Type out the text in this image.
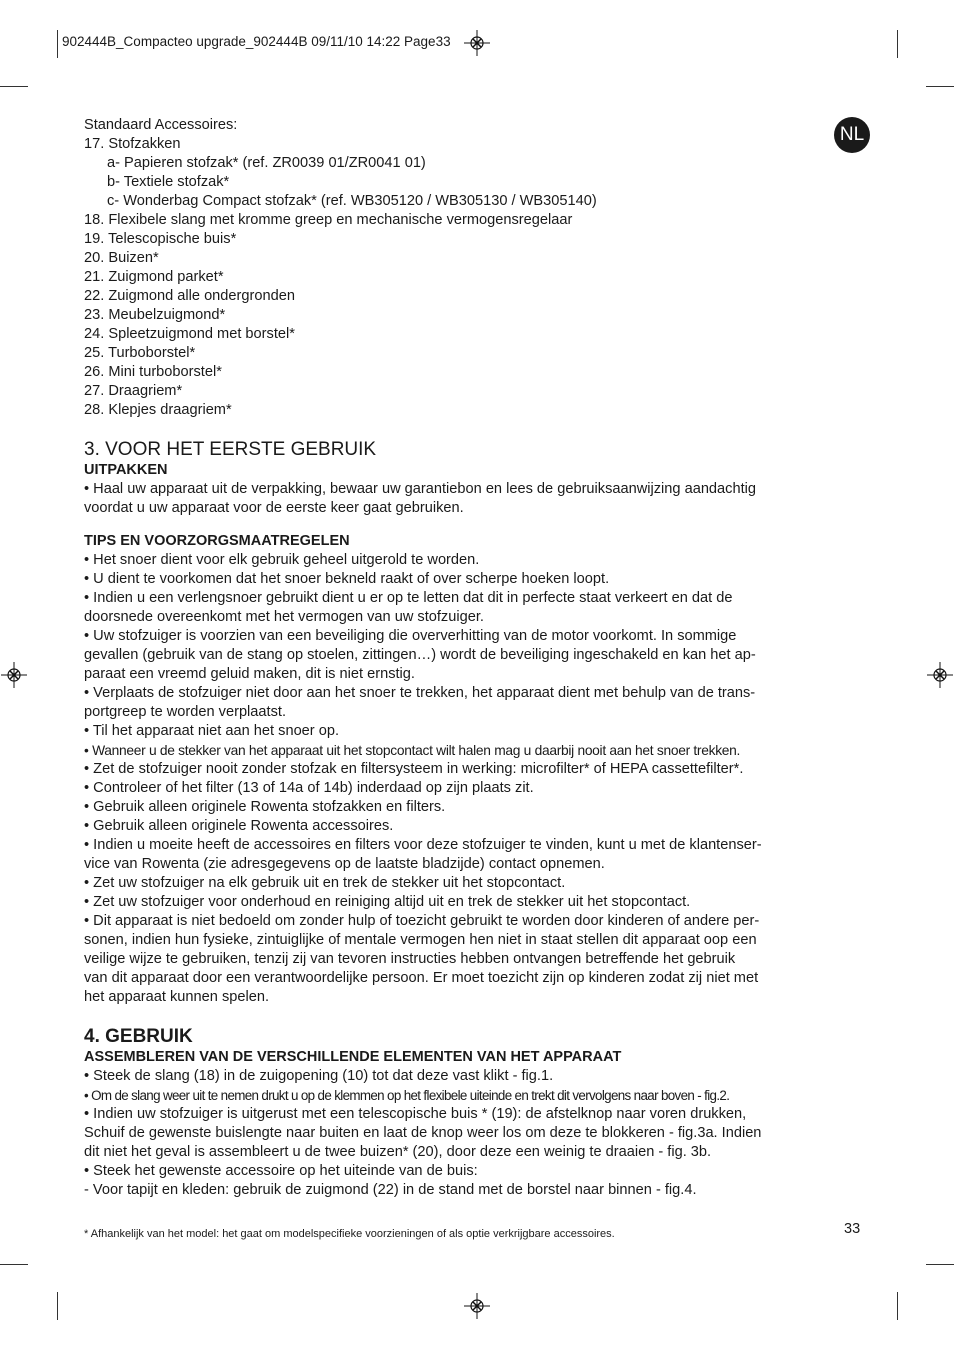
902444B_Compacteo upgrade_902444B 09/11/10 14:22 Page33
NL

Standaard Accessoires:

17. Stofzakken

a- Papieren stofzak* (ref. ZR0039 01/ZR0041 01)

b- Textiele stofzak*

c- Wonderbag Compact stofzak* (ref. WB305120 / WB305130 / WB305140)

18. Flexibele slang met kromme greep en mechanische vermogensregelaar

19. Telescopische buis*

20. Buizen*

21. Zuigmond parket*

22. Zuigmond alle ondergronden

23. Meubelzuigmond*

24. Spleetzuigmond met borstel*

25. Turboborstel*

26. Mini turboborstel*

27. Draagriem*

28. Klepjes draagriem*

3. VOOR HET EERSTE GEBRUIK

UITPAKKEN

• Haal uw apparaat uit de verpakking, bewaar uw garantiebon en lees de gebruiksaanwijzing aandachtig

voordat u uw apparaat voor de eerste keer gaat gebruiken.

TIPS EN VOORZORGSMAATREGELEN

• Het snoer dient voor elk gebruik geheel uitgerold te worden.

• U dient te voorkomen dat het snoer bekneld raakt of over scherpe hoeken loopt.

• Indien u een verlengsnoer gebruikt dient u er op te letten dat dit in perfecte staat verkeert en dat de

doorsnede overeenkomt met het vermogen van uw stofzuiger.

• Uw stofzuiger is voorzien van een beveiliging die oververhitting van de motor voorkomt. In sommige

gevallen (gebruik van de stang op stoelen, zittingen…) wordt de beveiliging ingeschakeld en kan het ap-

paraat een vreemd geluid maken, dit is niet ernstig.

• Verplaats de stofzuiger niet door aan het snoer te trekken, het apparaat dient met behulp van de trans-

portgreep te worden verplaatst.

• Til het apparaat niet aan het snoer op.

• Wanneer u de stekker van het apparaat uit het stopcontact wilt halen mag u daarbij nooit aan het snoer trekken.

• Zet de stofzuiger nooit zonder stofzak en filtersysteem in werking: microfilter* of HEPA cassettefilter*.

• Controleer of het filter (13 of 14a of 14b) inderdaad op zijn plaats zit.

• Gebruik alleen originele Rowenta stofzakken en filters.

• Gebruik alleen originele Rowenta accessoires.

• Indien u moeite heeft de accessoires en filters voor deze stofzuiger te vinden, kunt u met de klantenser-

vice van Rowenta (zie adresgegevens op de laatste bladzijde) contact opnemen.

• Zet uw stofzuiger na elk gebruik uit en trek de stekker uit het stopcontact.

• Zet uw stofzuiger voor onderhoud en reiniging altijd uit en trek de stekker uit het stopcontact.

• Dit apparaat is niet bedoeld om zonder hulp of toezicht gebruikt te worden door kinderen of andere per-

sonen, indien hun fysieke, zintuiglijke of mentale vermogen hen niet in staat stellen dit apparaat oop een

veilige wijze te gebruiken, tenzij zij van tevoren instructies hebben ontvangen betreffende het gebruik

van dit apparaat door een verantwoordelijke persoon. Er moet toezicht zijn op kinderen zodat zij niet met

het apparaat kunnen spelen.

4. GEBRUIK

ASSEMBLEREN VAN DE VERSCHILLENDE ELEMENTEN VAN HET APPARAAT

• Steek de slang (18) in de zuigopening (10) tot dat deze vast klikt - fig.1.

• Om de slang weer uit te nemen drukt u op de klemmen op het flexibele uiteinde en trekt dit vervolgens naar boven - fig.2.

• Indien uw stofzuiger is uitgerust met een telescopische buis * (19): de afstelknop naar voren drukken,

Schuif de gewenste buislengte naar buiten en laat de knop weer los om deze te blokkeren - fig.3a. Indien

dit niet het geval is assembleert u de twee buizen* (20), door deze een weinig te draaien - fig. 3b.

• Steek het gewenste accessoire op het uiteinde van de buis:

- Voor tapijt en kleden: gebruik de zuigmond (22) in de stand met de borstel naar binnen - fig.4.

* Afhankelijk van het model: het gaat om modelspecifieke voorzieningen of als optie verkrijgbare accessoires.	33
